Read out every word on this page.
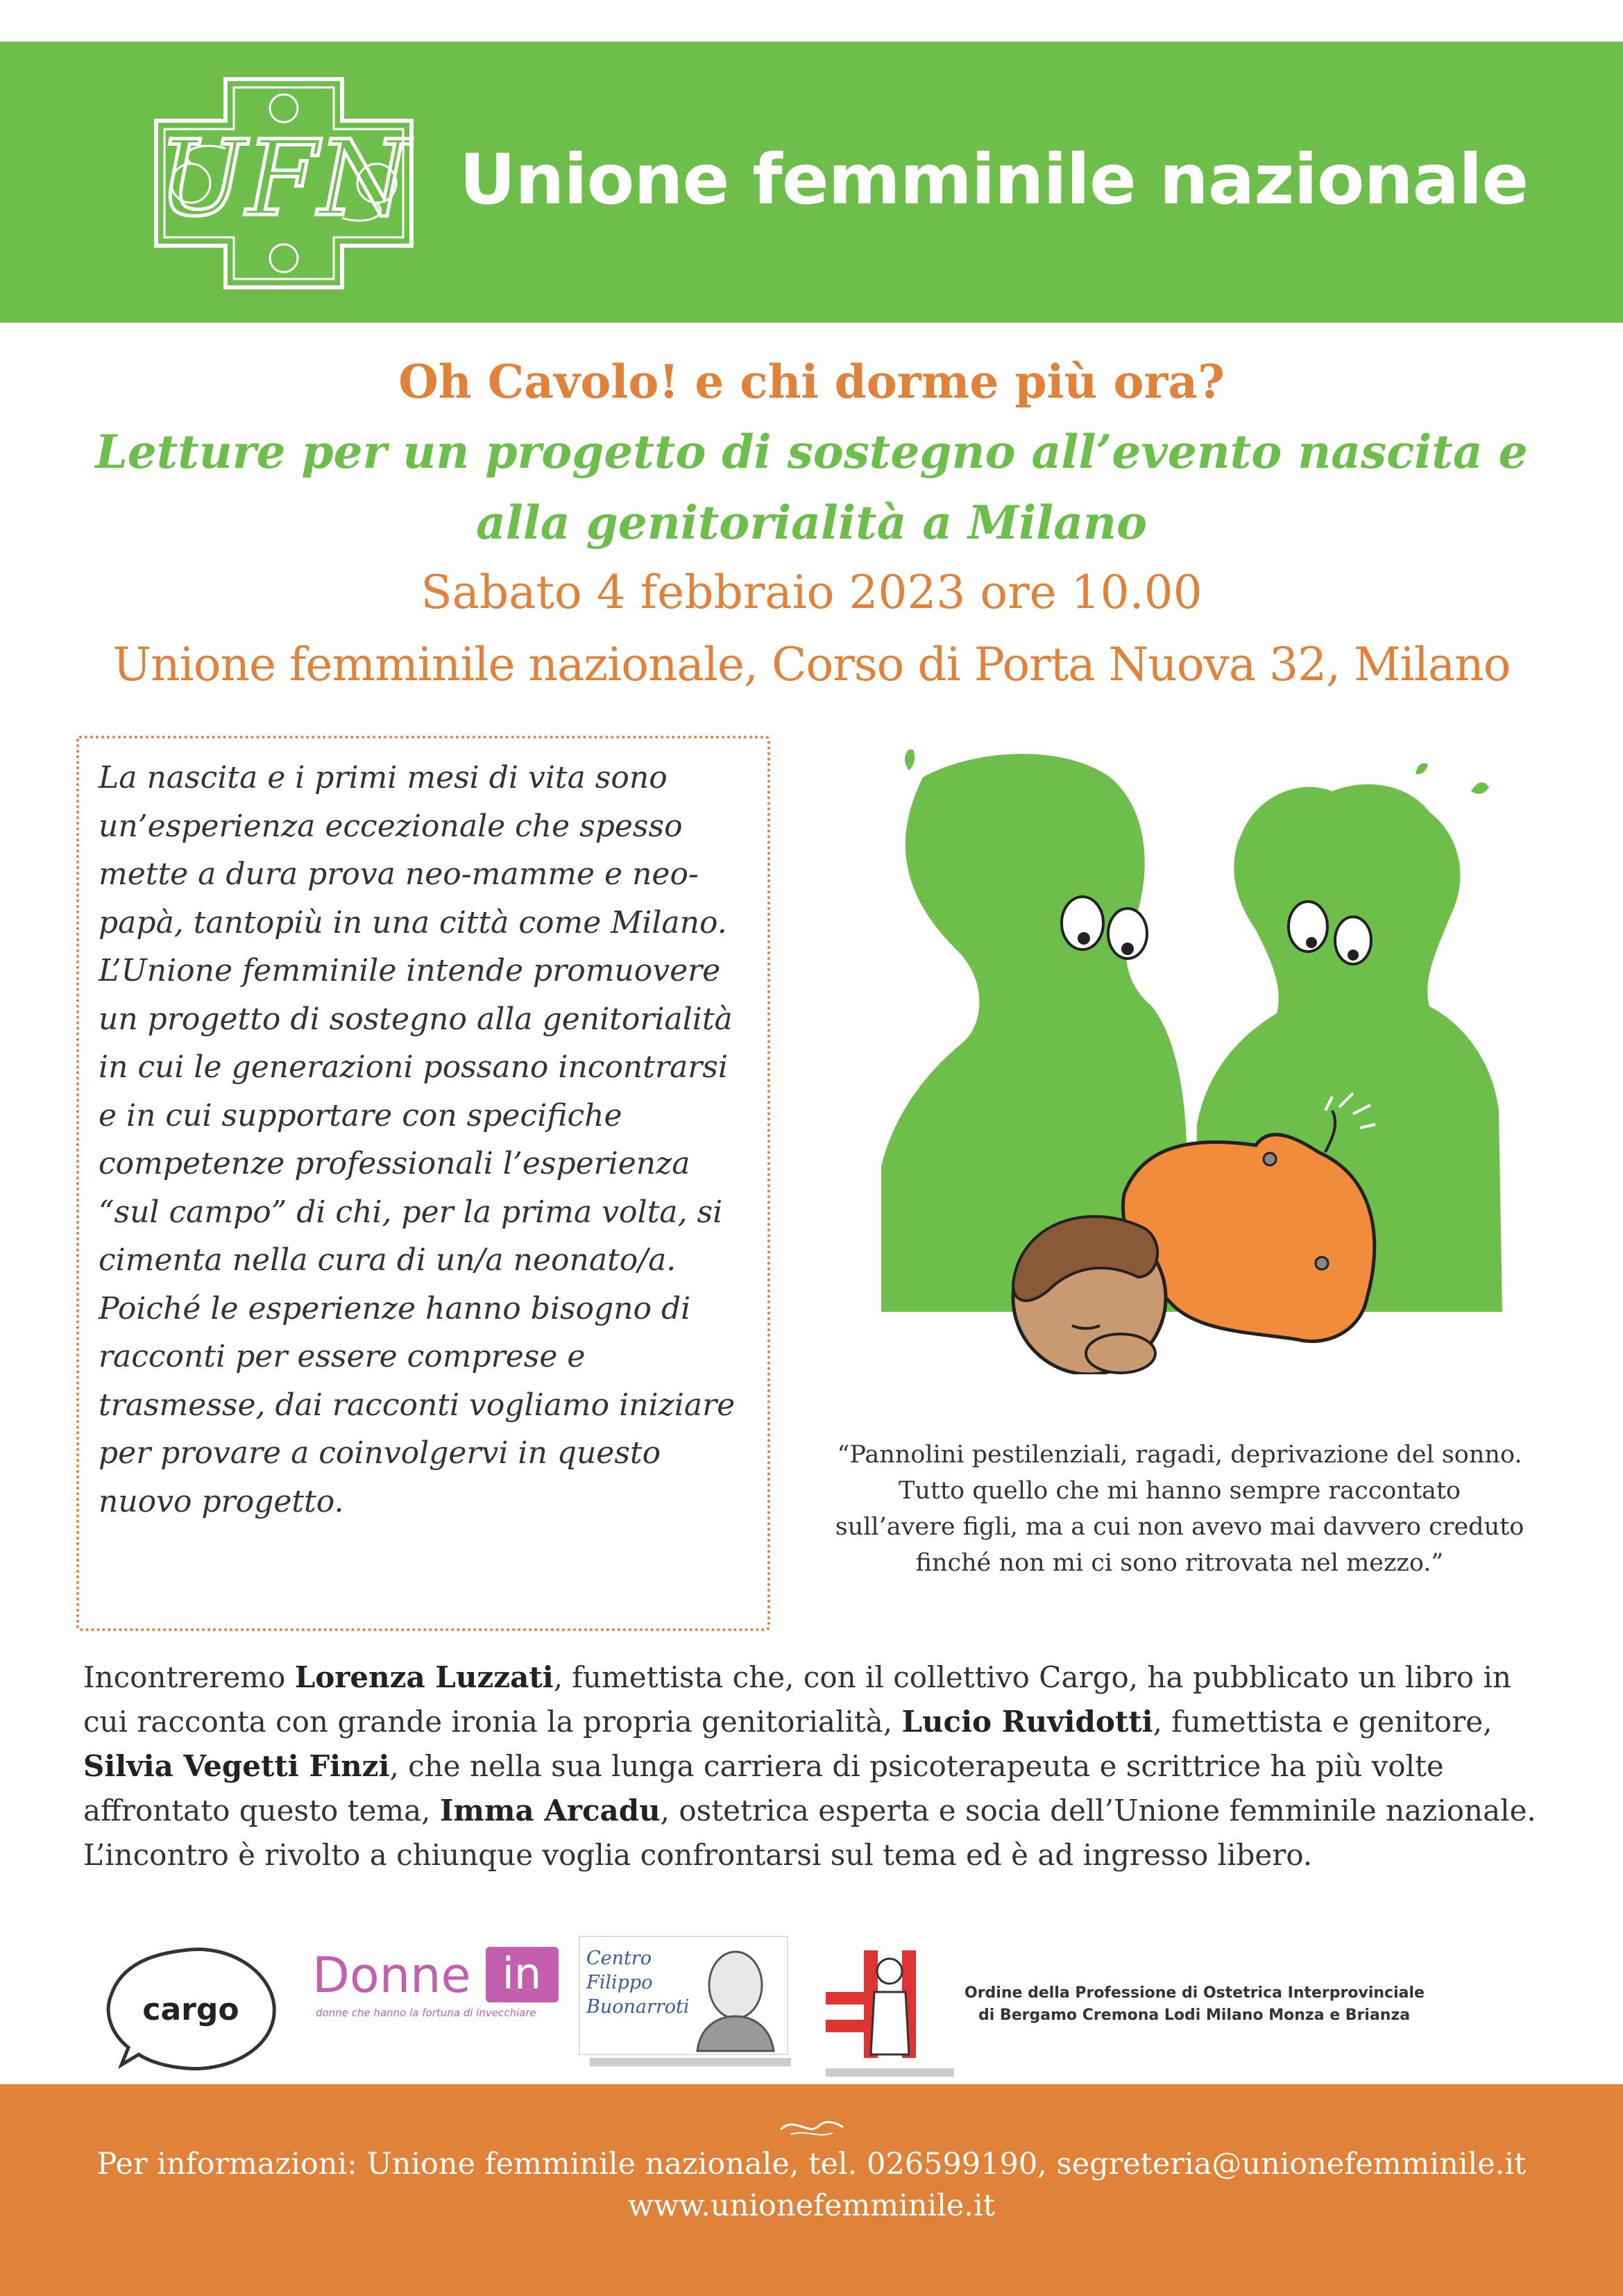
UFN Unione femminile nazionale
Oh Cavolo! e chi dorme più ora?
Letture per un progetto di sostegno all’evento nascita e
alla genitorialità a Milano
Sabato 4 febbraio 2023 ore 10.00
Unione femminile nazionale, Corso di Porta Nuova 32, Milano

La nascita e i primi mesi di vita sono un’esperienza eccezionale che spesso mette a dura prova neo-mamme e neo-papà, tantopiù in una città come Milano. L’Unione femminile intende promuovere un progetto di sostegno alla genitorialità in cui le generazioni possano incontrarsi e in cui supportare con specifiche competenze professionali l’esperienza “sul campo” di chi, per la prima volta, si cimenta nella cura di un/a neonato/a.

Poiché le esperienze hanno bisogno di racconti per essere comprese e trasmesse, dai racconti vogliamo iniziare per provare a coinvolgervi in questo nuovo progetto.

“Pannolini pestilenziali, ragadi, deprivazione del sonno.
Tutto quello che mi hanno sempre raccontato
sull’avere figli, ma a cui non avevo mai davvero creduto
finché non mi ci sono ritrovata nel mezzo.”
Incontreremo Lorenza Luzzati, fumettista che, con il collettivo Cargo, ha pubblicato un libro in cui racconta con grande ironia la propria genitorialità, Lucio Ruvidotti, fumettista e genitore, Silvia Vegetti Finzi, che nella sua lunga carriera di psicoterapeuta e scrittrice ha più volte affrontato questo tema, Imma Arcadu, ostetrica esperta e socia dell’Unione femminile nazionale. L’incontro è rivolto a chiunque voglia confrontarsi sul tema ed è ad ingresso libero.
cargo
Donne in
donne che hanno la fortuna di invecchiare
Centro
Filippo
Buonarroti
Ordine della Professione di Ostetrica Interprovinciale
di Bergamo Cremona Lodi Milano Monza e Brianza
Per informazioni: Unione femminile nazionale, tel. 026599190, segreteria@unionefemminile.it
www.unionefemminile.it
